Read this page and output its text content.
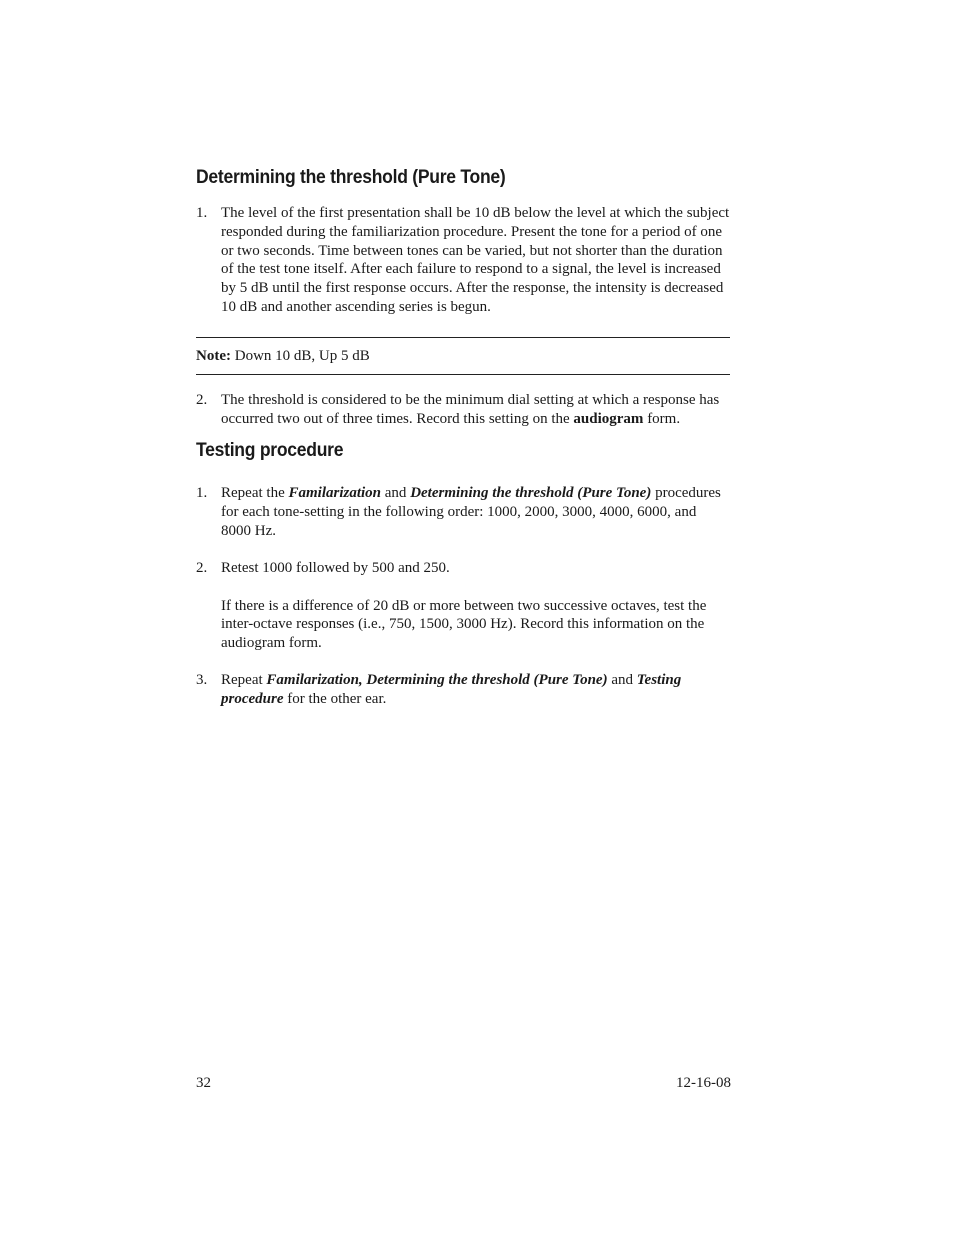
Determining the threshold (Pure Tone)
1. The level of the first presentation shall be 10 dB below the level at which the subject responded during the familiarization procedure. Present the tone for a period of one or two seconds. Time between tones can be varied, but not shorter than the duration of the test tone itself. After each failure to respond to a signal, the level is increased by 5 dB until the first response occurs. After the response, the intensity is decreased 10 dB and another ascending series is begun.

Note: Down 10 dB, Up 5 dB
2. The threshold is considered to be the minimum dial setting at which a response has occurred two out of three times. Record this setting on the audiogram form.

Testing procedure
1. Repeat the Familarization and Determining the threshold (Pure Tone) procedures for each tone-setting in the following order: 1000, 2000, 3000, 4000, 6000, and 8000 Hz.

2. Retest 1000 followed by 500 and 250.

If there is a difference of 20 dB or more between two successive octaves, test the inter-octave responses (i.e., 750, 1500, 3000 Hz). Record this information on the audiogram form.

3. Repeat Familarization, Determining the threshold (Pure Tone) and Testing procedure for the other ear.

32	12-16-08
